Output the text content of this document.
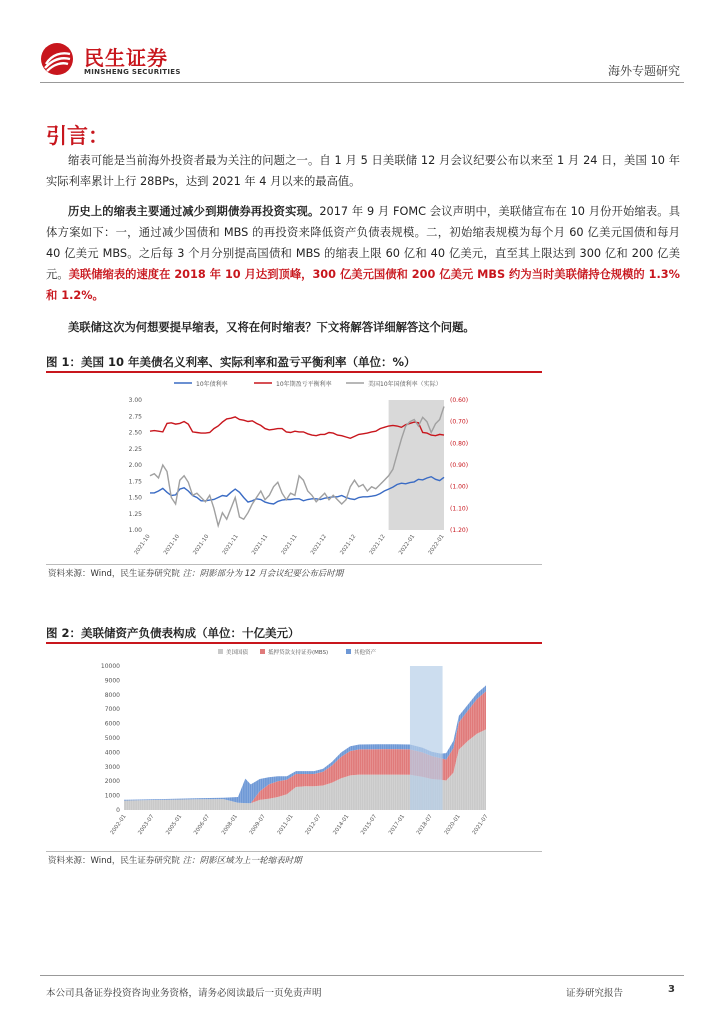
民生证券
MINSHENG SECURITIES	海外专题研究
引言：

缩表可能是当前海外投资者最为关注的问题之一。自 1 月 5 日美联储 12 月会议纪要公布以来至 1 月 24 日，美国 10 年实际利率累计上行 28BPs，达到 2021 年 4 月以来的最高值。

历史上的缩表主要通过减少到期债券再投资实现。2017 年 9 月 FOMC 会议声明中，美联储宣布在 10 月份开始缩表。具体方案如下：一，通过减少国债和 MBS 的再投资来降低资产负债表规模。二，初始缩表规模为每个月 60 亿美元国债和每月 40 亿美元 MBS。之后每 3 个月分别提高国债和 MBS 的缩表上限 60 亿和 40 亿美元，直至其上限达到 300 亿和 200 亿美元。美联储缩表的速度在 2018 年 10 月达到顶峰，300 亿美元国债和 200 亿美元 MBS 约为当时美联储持仓规模的 1.3%和 1.2%。

美联储这次为何想要提早缩表，又将在何时缩表？下文将解答详细解答这个问题。

图 1：美国 10 年美债名义利率、实际利率和盈亏平衡利率（单位：%）
10年债利率	10年期盈亏平衡利率	美国10年国债利率（实际）
3.00
2.75
2.50
2.25
2.00
1.75
1.50
1.25
1.00
(0.60)
(0.70)
(0.80)
(0.90)
(1.00)
(1.10)
(1.20)
2021-10 2021-10 2021-10 2021-11 2021-11 2021-11 2021-12 2021-12 2021-12 2022-01 2022-01
资料来源：Wind，民生证券研究院 注：阴影部分为 12 月会议纪要公布后时期
图 2：美联储资产负债表构成（单位：十亿美元）
美国国债	抵押贷款支持证券(MBS)	其他资产
10000
9000
8000
7000
6000
5000
4000
3000
2000
1000
0
2002-01 2003-07 2005-01 2006-07 2008-01 2009-07 2011-01 2012-07 2014-01 2015-07 2017-01 2018-07 2020-01 2021-07
资料来源：Wind，民生证券研究院 注：阴影区域为上一轮缩表时期
本公司具备证券投资咨询业务资格，请务必阅读最后一页免责声明	证券研究报告	3
